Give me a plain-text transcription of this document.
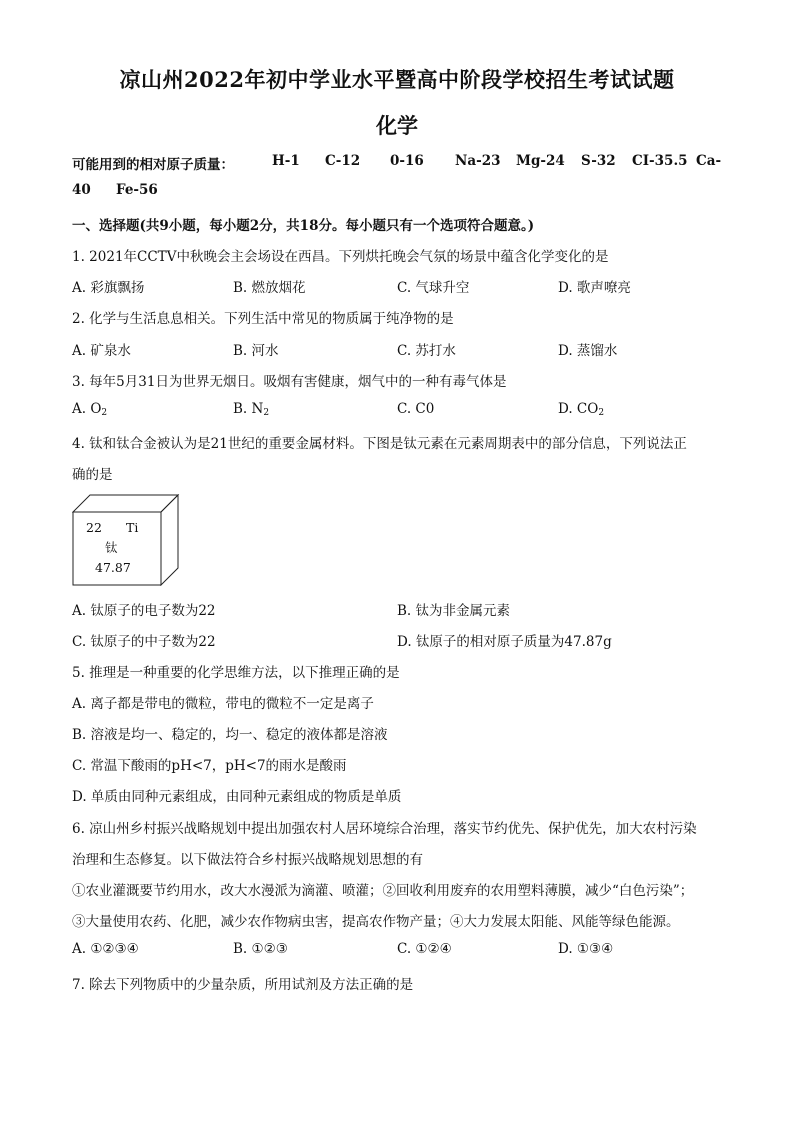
凉山州2022年初中学业水平暨高中阶段学校招生考试试题
化学
可能用到的相对原子质量：	H-1 C-12 0-16 Na-23 Mg-24 S-32 CI-35.5 Ca-
40 Fe-56
一、选择题(共9小题，每小题2分，共18分。每小题只有一个选项符合题意。)
1. 2021年CCTV中秋晚会主会场设在西昌。下列烘托晚会气氛的场景中蕴含化学变化的是
A. 彩旗飘扬	B. 燃放烟花	C. 气球升空	D. 歌声嘹亮
2. 化学与生活息息相关。下列生活中常见的物质属于纯净物的是
A. 矿泉水	B. 河水	C. 苏打水	D. 蒸馏水
3. 每年5月31日为世界无烟日。吸烟有害健康，烟气中的一种有毒气体是
A. $O_2$	B. $N_2$	C. C0	D. $CO_2$
4. 钛和钛合金被认为是21世纪的重要金属材料。下图是钛元素在元素周期表中的部分信息，下列说法正
确的是
22 Ti
钛
47.87
A. 钛原子的电子数为22	B. 钛为非金属元素
C. 钛原子的中子数为22	D. 钛原子的相对原子质量为47.87g
5. 推理是一种重要的化学思维方法，以下推理正确的是
A. 离子都是带电的微粒，带电的微粒不一定是离子
B. 溶液是均一、稳定的，均一、稳定的液体都是溶液
C. 常温下酸雨的pH<7，pH<7的雨水是酸雨
D. 单质由同种元素组成，由同种元素组成的物质是单质
6. 凉山州乡村振兴战略规划中提出加强农村人居环境综合治理，落实节约优先、保护优先，加大农村污染
治理和生态修复。以下做法符合乡村振兴战略规划思想的有
①农业灌溉要节约用水，改大水漫派为滴灌、喷灌；②回收利用废弃的农用塑料薄膜，减少“白色污染”；
③大量使用农药、化肥，减少农作物病虫害，提高农作物产量；④大力发展太阳能、风能等绿色能源。
A. ①②③④	B. ①②③	C. ①②④	D. ①③④
7. 除去下列物质中的少量杂质，所用试剂及方法正确的是
